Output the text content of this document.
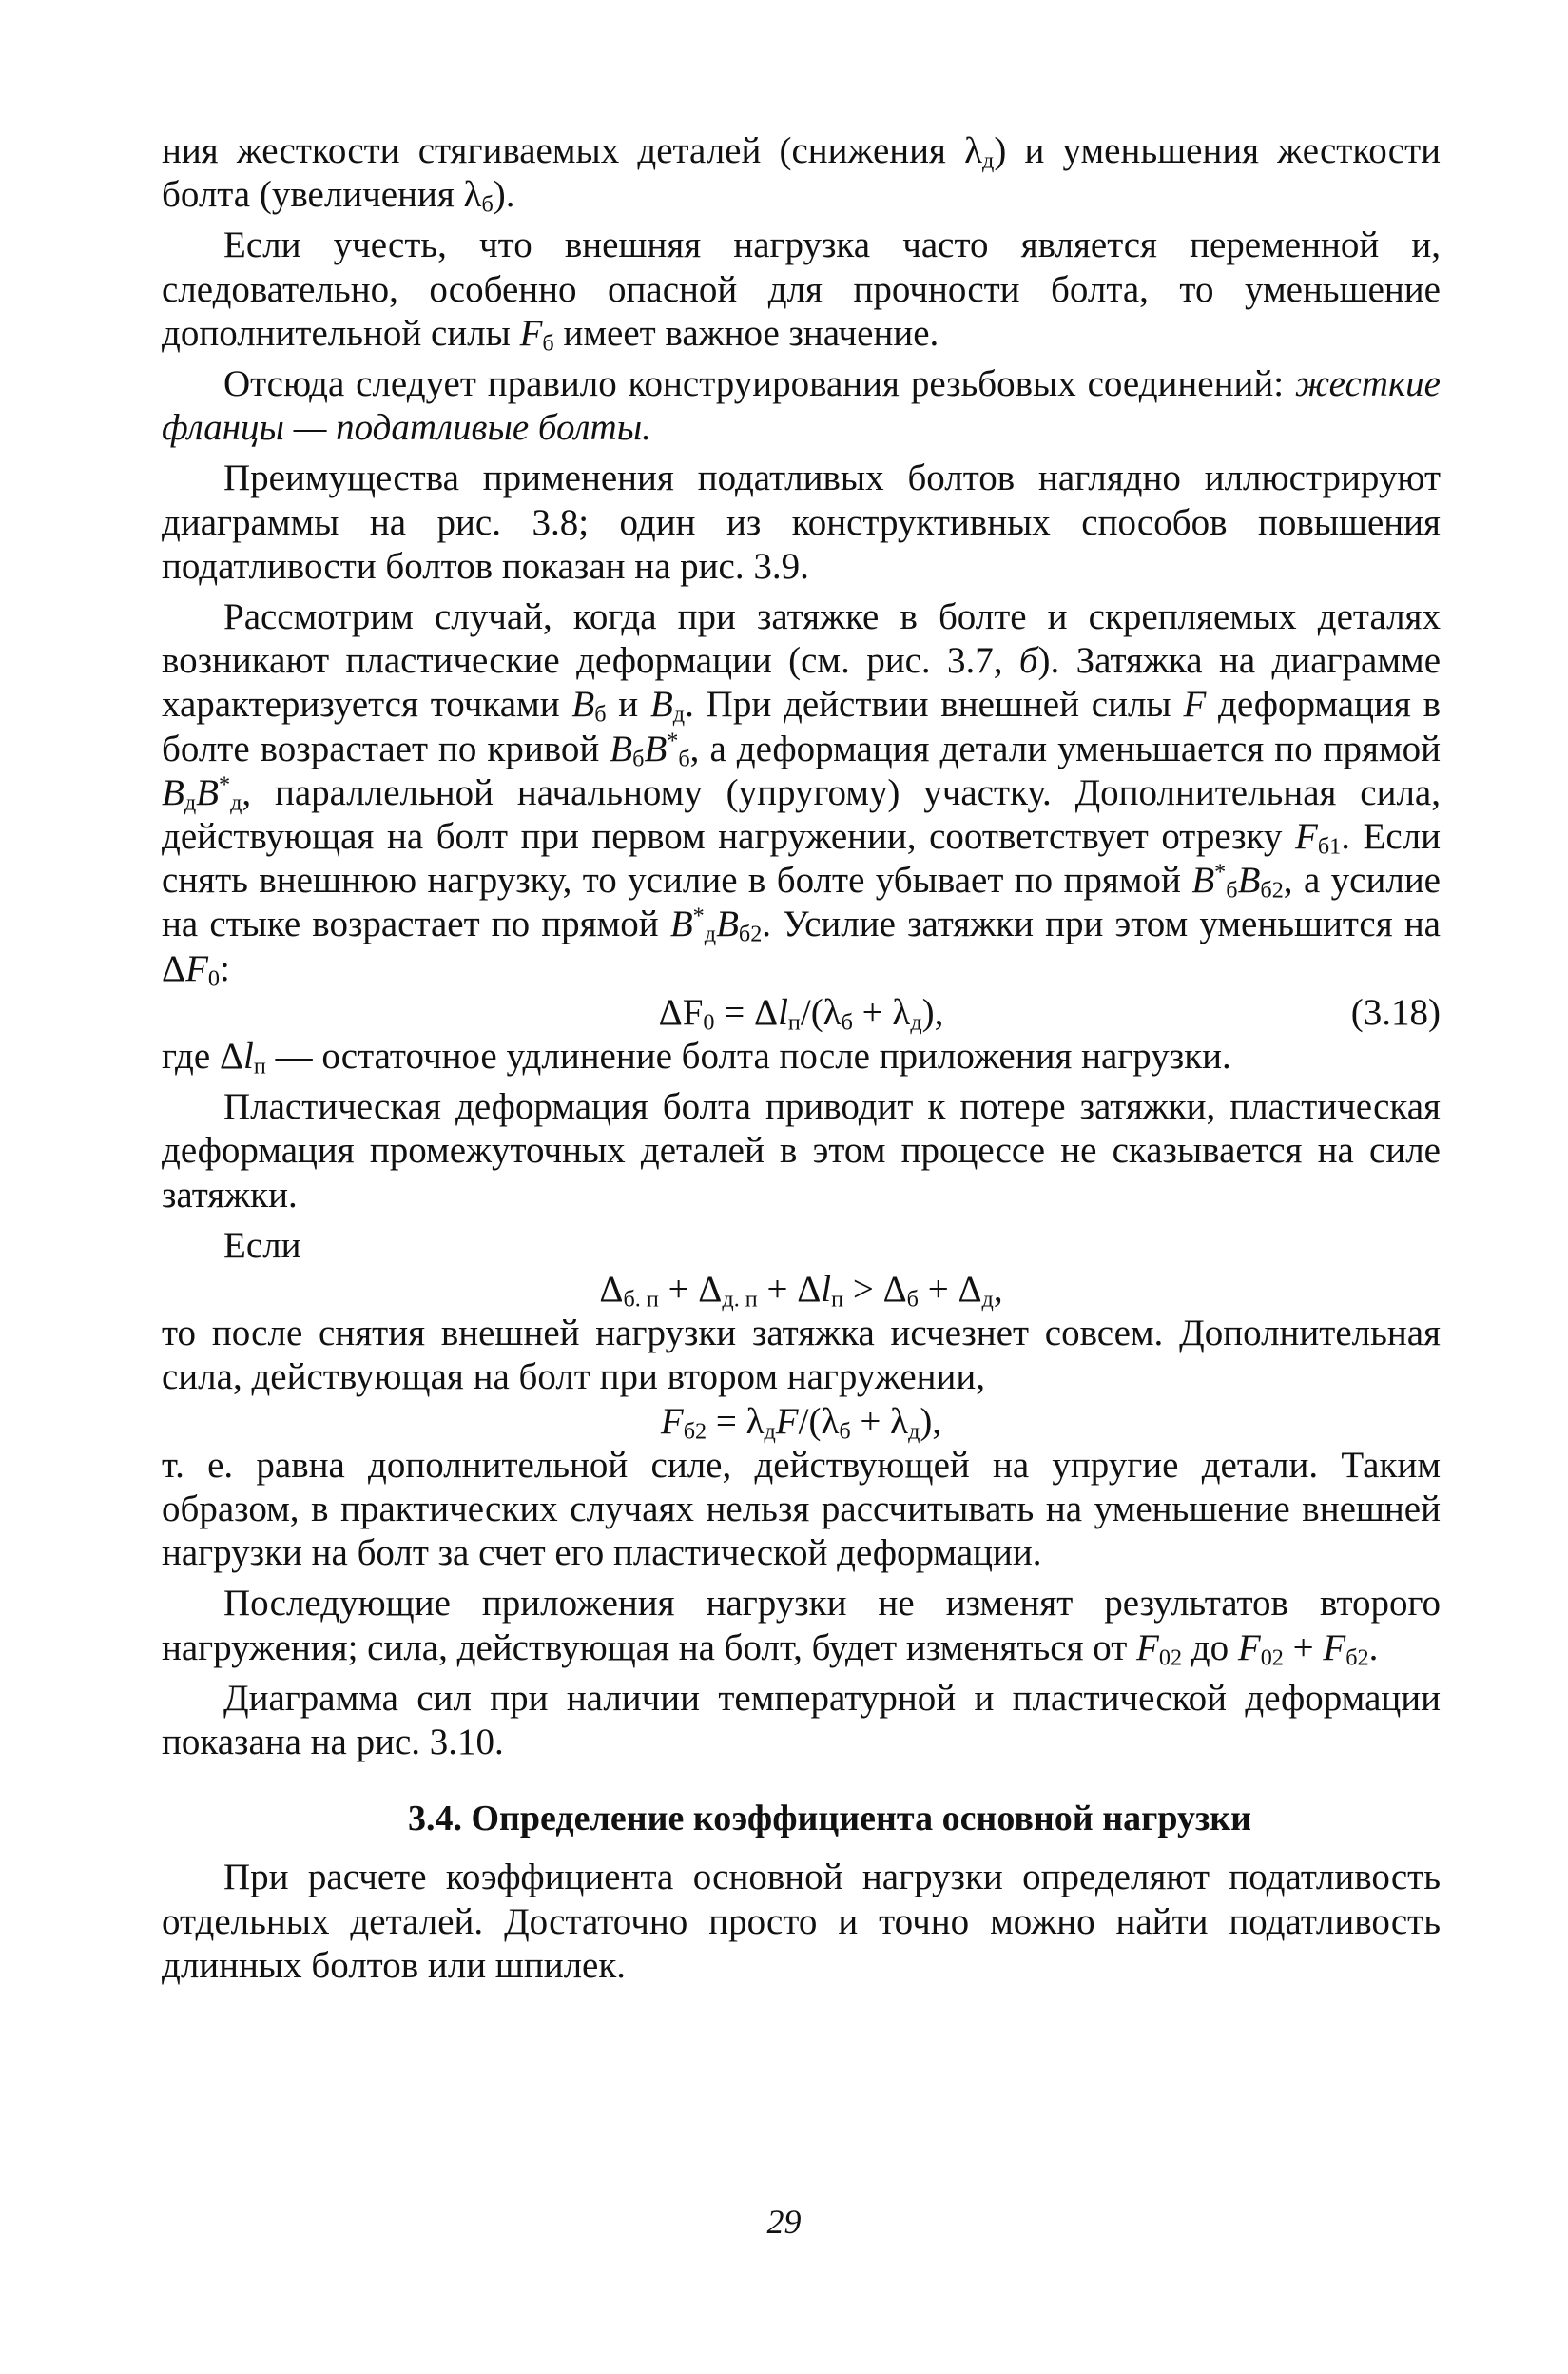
ния жесткости стягиваемых деталей (снижения $\lambda_д$) и уменьшения жесткости болта (увеличения $\lambda_б$).

Если учесть, что внешняя нагрузка часто является переменной и, следовательно, особенно опасной для прочности болта, то уменьшение дополнительной силы $F_б$ имеет важное значение.

Отсюда следует правило конструирования резьбовых соединений: жесткие фланцы — податливые болты.

Преимущества применения податливых болтов наглядно иллюстрируют диаграммы на рис. 3.8; один из конструктивных способов повышения податливости болтов показан на рис. 3.9.

Рассмотрим случай, когда при затяжке в болте и скрепляемых деталях возникают пластические деформации (см. рис. 3.7, б). Затяжка на диаграмме характеризуется точками $B_б$ и $B_д$. При действии внешней силы F деформация в болте возрастает по кривой $B_бB^*_б$, а деформация детали уменьшается по прямой $B_дB^*_д$, параллельной начальному (упругому) участку. Дополнительная сила, действующая на болт при первом нагружении, соответствует отрезку $F_{б1}$. Если снять внешнюю нагрузку, то усилие в болте убывает по прямой $B^*_бB_{б2}$, а усилие на стыке возрастает по прямой $B^*_дB_{б2}$. Усилие затяжки при этом уменьшится на $\Delta F_0$:

$\Delta F_0 = \Delta l_п/(\lambda_б + \lambda_д)$,	(3.18)

где $\Delta l_п$ — остаточное удлинение болта после приложения нагрузки.

Пластическая деформация болта приводит к потере затяжки, пластическая деформация промежуточных деталей в этом процессе не сказывается на силе затяжки.

Если

$\Delta_{б. п} + \Delta_{д. п} + \Delta l_п > \Delta_б + \Delta_д$,

то после снятия внешней нагрузки затяжка исчезнет совсем. Дополнительная сила, действующая на болт при втором нагружении,

$F_{б2} = \lambda_дF/(\lambda_б + \lambda_д)$,

т. е. равна дополнительной силе, действующей на упругие детали. Таким образом, в практических случаях нельзя рассчитывать на уменьшение внешней нагрузки на болт за счет его пластической деформации.

Последующие приложения нагрузки не изменят результатов второго нагружения; сила, действующая на болт, будет изменяться от $F_{02}$ до $F_{02} + F_{б2}$.

Диаграмма сил при наличии температурной и пластической деформации показана на рис. 3.10.

3.4. Определение коэффициента основной нагрузки

При расчете коэффициента основной нагрузки определяют податливость отдельных деталей. Достаточно просто и точно можно найти податливость длинных болтов или шпилек.

29
